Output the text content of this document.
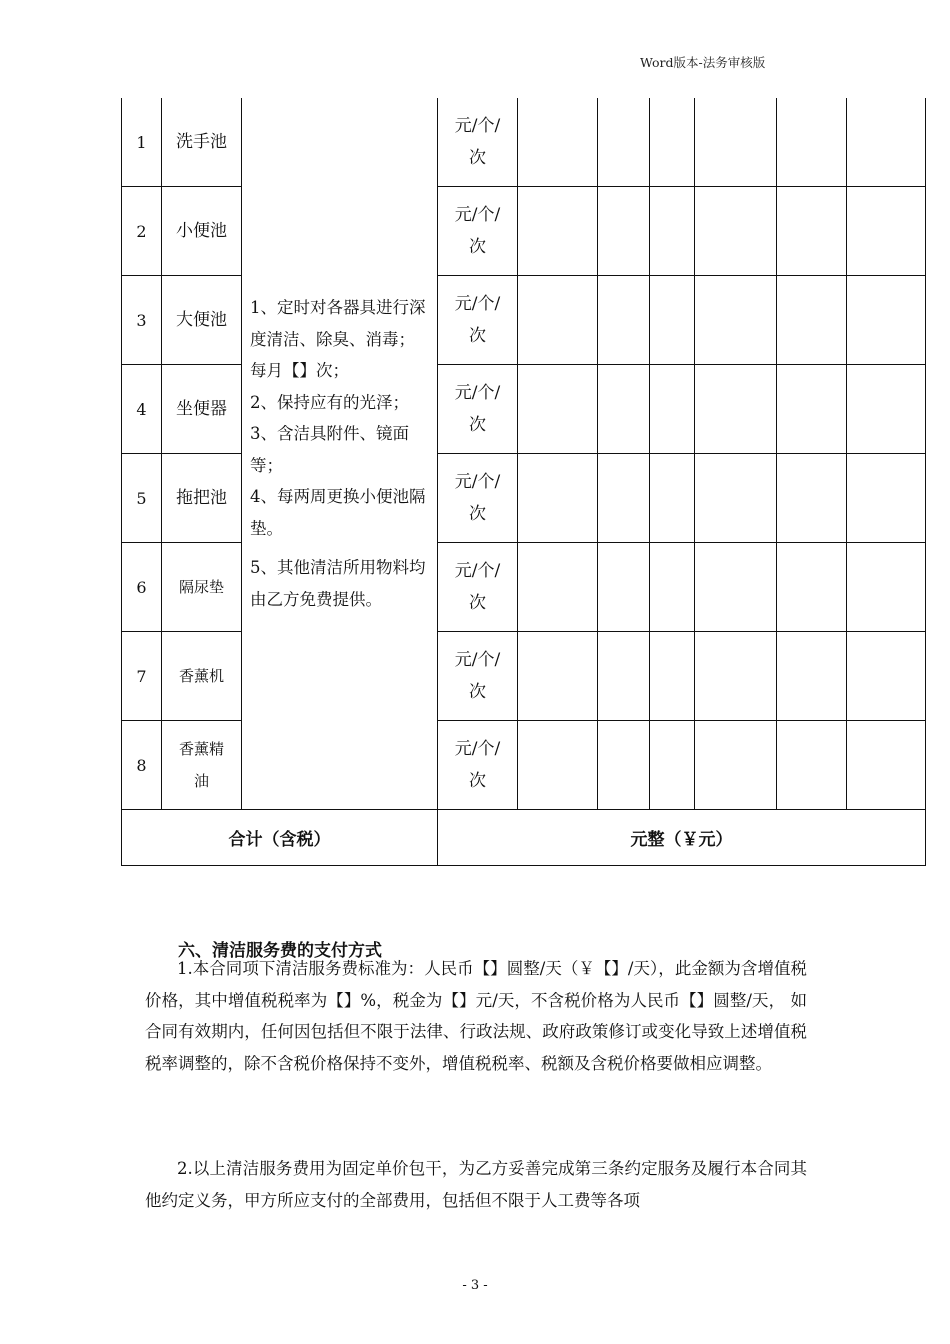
Word版本-法务审核版
1	洗手池	1、定时对各器具进行深度清洁、除臭、消毒；每月【】次；

2、保持应有的光泽；

3、含洁具附件、镜面等；

4、每两周更换小便池隔垫。

5、其他清洁所用物料均由乙方免费提供。	元/个/次						
2	小便池		元/个/次						
3	大便池		元/个/次						
4	坐便器		元/个/次						
5	拖把池		元/个/次						
6	隔尿垫		元/个/次						
7	香薰机		元/个/次						
8	香薰精油		元/个/次						
合计（含税）			元整（￥元）						
六、清洁服务费的支付方式

1.本合同项下清洁服务费标准为：人民币【】圆整/天（￥【】/天），此金额为含增值税价格，其中增值税税率为【】%，税金为【】元/天，不含税价格为人民币【】圆整/天， 如合同有效期内，任何因包括但不限于法律、行政法规、政府政策修订或变化导致上述增值税税率调整的，除不含税价格保持不变外，增值税税率、税额及含税价格要做相应调整。

2.以上清洁服务费用为固定单价包干，为乙方妥善完成第三条约定服务及履行本合同其他约定义务，甲方所应支付的全部费用，包括但不限于人工费等各项

- 3 -
